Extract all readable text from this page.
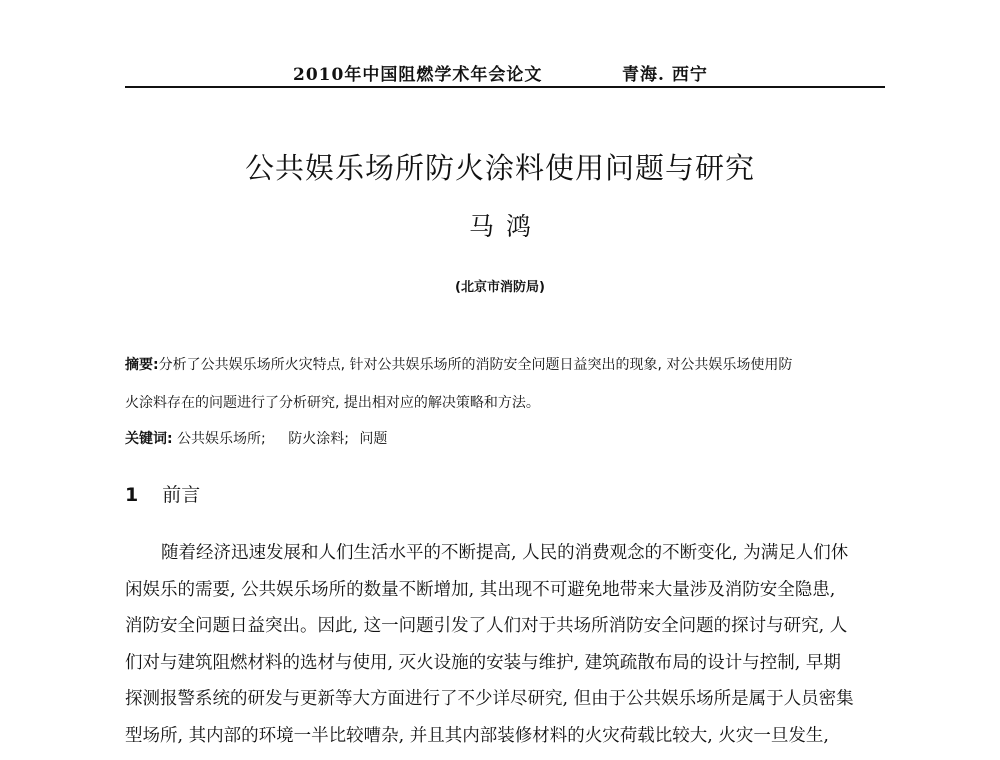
2010年中国阻燃学术年会论文	青海. 西宁
公共娱乐场所防火涂料使用问题与研究
马鸿
(北京市消防局)
摘要:分析了公共娱乐场所火灾特点, 针对公共娱乐场所的消防安全问题日益突出的现象, 对公共娱乐场使用防
火涂料存在的问题进行了分析研究, 提出相对应的解决策略和方法。
关键词: 公共娱乐场所; 防火涂料; 问题
1 前言
随着经济迅速发展和人们生活水平的不断提高, 人民的消费观念的不断变化, 为满足人们休
闲娱乐的需要, 公共娱乐场所的数量不断增加, 其出现不可避免地带来大量涉及消防安全隐患,
消防安全问题日益突出。因此, 这一问题引发了人们对于共场所消防安全问题的探讨与研究, 人
们对与建筑阻燃材料的选材与使用, 灭火设施的安装与维护, 建筑疏散布局的设计与控制, 早期
探测报警系统的研发与更新等大方面进行了不少详尽研究, 但由于公共娱乐场所是属于人员密集
型场所, 其内部的环境一半比较嘈杂, 并且其内部装修材料的火灾荷载比较大, 火灾一旦发生,
